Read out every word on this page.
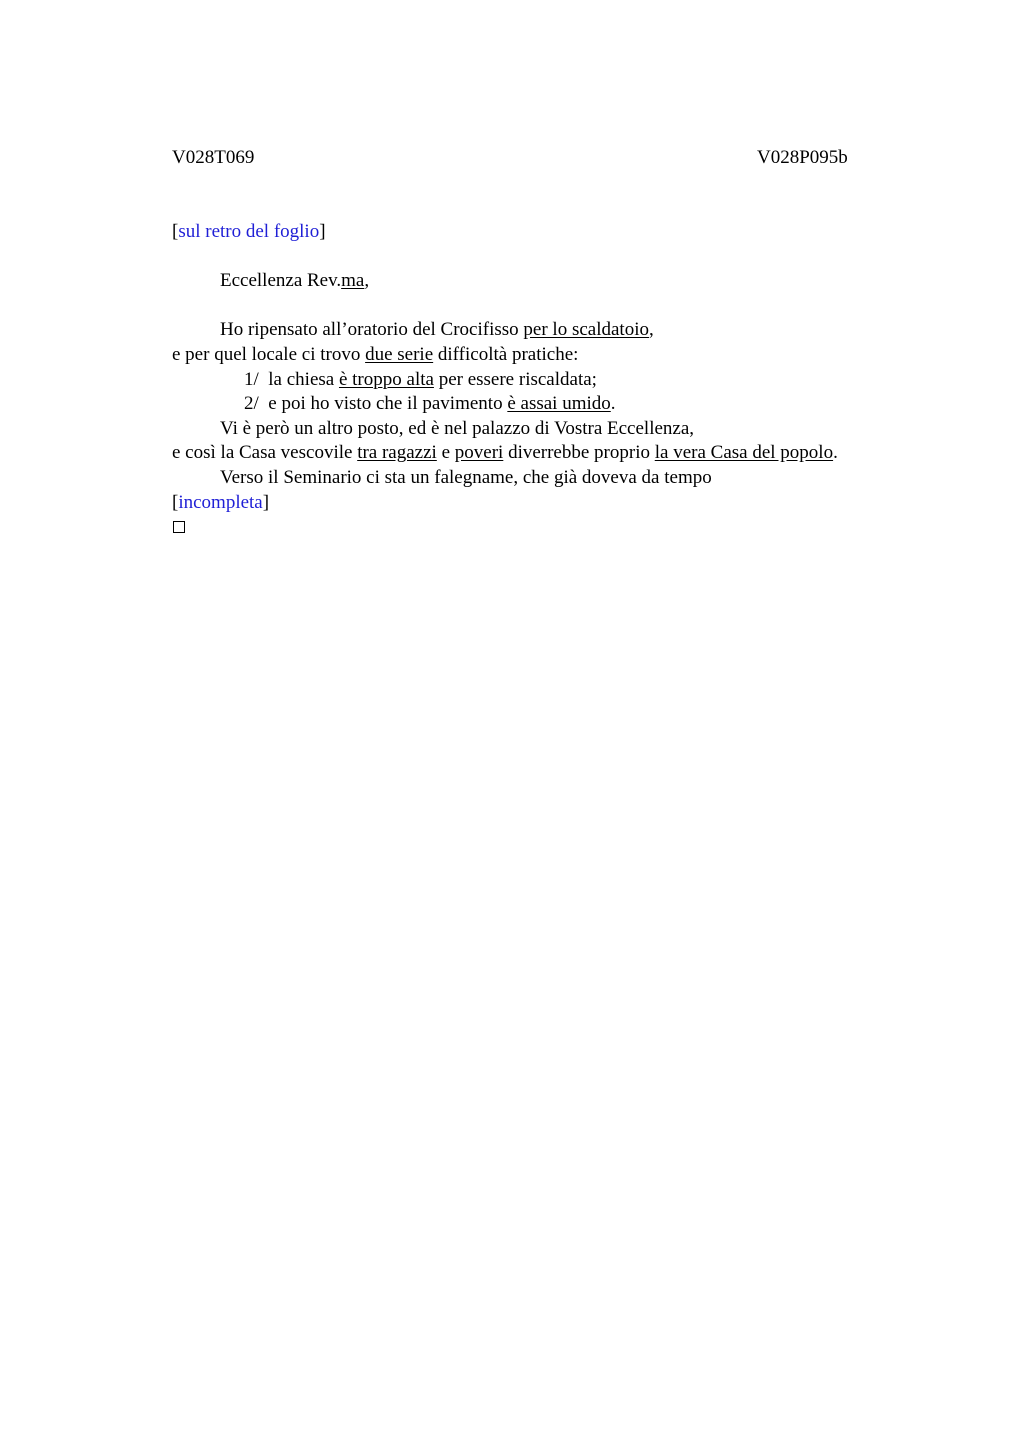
V028T069	V028P095b
[sul retro del foglio]
Eccellenza Rev.ma,
Ho ripensato all’oratorio del Crocifisso per lo scaldatoio,
e per quel locale ci trovo due serie difficoltà pratiche:
1/  la chiesa è troppo alta per essere riscaldata;
2/  e poi ho visto che il pavimento è assai umido.
Vi è però un altro posto, ed è nel palazzo di Vostra Eccellenza,
e così la Casa vescovile tra ragazzi e poveri diverrebbe proprio la vera Casa del popolo.
Verso il Seminario ci sta un falegname, che già doveva da tempo
[incompleta]
